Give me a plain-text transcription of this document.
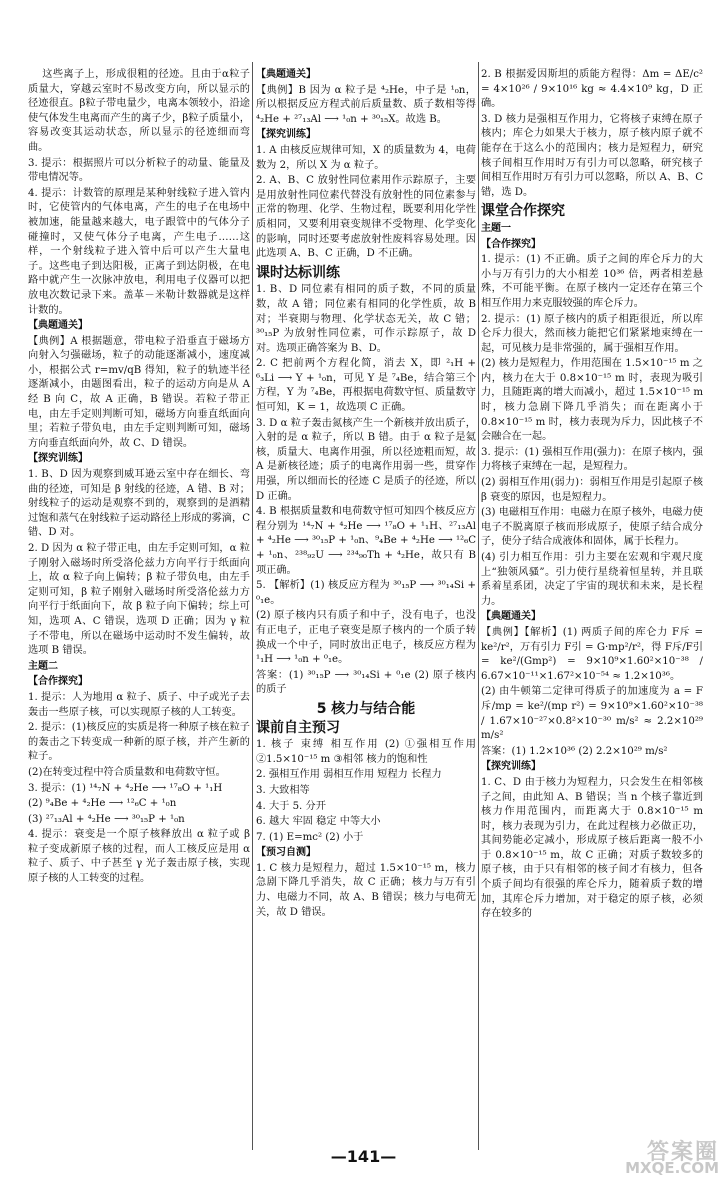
这些离子上，形成很粗的径迹。且由于α粒子质量大，穿越云室时不易改变方向，所以显示的径迹很直。β粒子带电量少，电离本领较小，沿途使气体发生电离而产生的离子少，β粒子质量小，容易改变其运动状态，所以显示的径迹细而弯曲。

3. 提示：根据照片可以分析粒子的动量、能量及带电情况等。

4. 提示：计数管的原理是某种射线粒子进入管内时，它使管内的气体电离，产生的电子在电场中被加速，能量越来越大，电子跟管中的气体分子碰撞时，又使气体分子电离，产生电子……这样，一个射线粒子进入管中后可以产生大量电子。这些电子到达阳极，正离子到达阴极，在电路中就产生一次脉冲放电，利用电子仪器可以把放电次数记录下来。盖革－米勒计数器就是这样计数的。

【典题通关】

【典例】A 根据题意，带电粒子沿垂直于磁场方向射入匀强磁场，粒子的动能逐渐减小，速度减小，根据公式 r=mv/qB 得知，粒子的轨迹半径逐渐减小，由题图看出，粒子的运动方向是从 A 经 B 向 C，故 A 正确，B 错误。若粒子带正电，由左手定则判断可知，磁场方向垂直纸面向里；若粒子带负电，由左手定则判断可知，磁场方向垂直纸面向外，故 C、D 错误。

【探究训练】

1. B、D 因为观察到威耳逊云室中存在细长、弯曲的径迹，可知是 β 射线的径迹，A 错、B 对；射线粒子的运动是观察不到的，观察到的是酒精过饱和蒸气在射线粒子运动路径上形成的雾滴，C 错、D 对。

2. D 因为 α 粒子带正电，由左手定则可知，α 粒子刚射入磁场时所受洛伦兹力方向平行于纸面向上，故 α 粒子向上偏转；β 粒子带负电，由左手定则可知，β 粒子刚射入磁场时所受洛伦兹力方向平行于纸面向下，故 β 粒子向下偏转；综上可知，选项 A、C 错误，选项 D 正确；因为 γ 粒子不带电，所以在磁场中运动时不发生偏转，故选项 B 错误。

主题二

【合作探究】

1. 提示：人为地用 α 粒子、质子、中子或光子去轰击一些原子核，可以实现原子核的人工转变。

2. 提示：(1)核反应的实质是将一种原子核在粒子的轰击之下转变成一种新的原子核，并产生新的粒子。

(2)在转变过程中符合质量数和电荷数守恒。

3. 提示：(1) ¹⁴₇N + ⁴₂He ⟶ ¹⁷₈O + ¹₁H

(2) ⁹₄Be + ⁴₂He ⟶ ¹²₆C + ¹₀n

(3) ²⁷₁₃Al + ⁴₂He ⟶ ³⁰₁₅P + ¹₀n

4. 提示：衰变是一个原子核释放出 α 粒子或 β 粒子变成新原子核的过程，而人工核反应是用 α 粒子、质子、中子甚至 γ 光子轰击原子核，实现原子核的人工转变的过程。

【典题通关】

【典例】B 因为 α 粒子是 ⁴₂He，中子是 ¹₀n，所以根据反应方程式前后质量数、质子数相等得 ⁴₂He + ²⁷₁₃Al ⟶ ¹₀n + ³⁰₁₅X。故选 B。

【探究训练】

1. A 由核反应规律可知，X 的质量数为 4，电荷数为 2，所以 X 为 α 粒子。

2. A、B、C 放射性同位素用作示踪原子，主要是用放射性同位素代替没有放射性的同位素参与正常的物理、化学、生物过程，既要利用化学性质相同，又要利用衰变规律不受物理、化学变化的影响，同时还要考虑放射性废料容易处理。因此选项 A、B、C 正确，D 不正确。

课时达标训练

1. B、D 同位素有相同的质子数，不同的质量数，故 A 错；同位素有相同的化学性质，故 B 对；半衰期与物理、化学状态无关，故 C 错；³⁰₁₅P 为放射性同位素，可作示踪原子，故 D 对。选项正确答案为 B、D。

2. C 把前两个方程化简，消去 X，即 ²₁H + ⁶₃Li ⟶ Y + ¹₀n，可见 Y 是 ⁷₄Be，结合第三个方程，Y 为 ⁷₄Be，再根据电荷数守恒、质量数守恒可知，K = 1，故选项 C 正确。

3. D α 粒子轰击氮核产生一个新核并放出质子，入射的是 α 粒子，所以 B 错。由于 α 粒子是氦核，质量大、电离作用强，所以径迹粗而短，故 A 是新核径迹；质子的电离作用弱一些，贯穿作用强，所以细而长的径迹 C 是质子的径迹，所以 D 正确。

4. B 根据质量数和电荷数守恒可知四个核反应方程分别为 ¹⁴₇N + ⁴₂He ⟶ ¹⁷₈O + ¹₁H、²⁷₁₃Al + ⁴₂He ⟶ ³⁰₁₅P + ¹₀n、⁹₄Be + ⁴₂He ⟶ ¹²₆C + ¹₀n、²³⁸₉₂U ⟶ ²³⁴₉₀Th + ⁴₂He，故只有 B 项正确。

5. 【解析】(1) 核反应方程为 ³⁰₁₅P ⟶ ³⁰₁₄Si + ⁰₁e。

(2) 原子核内只有质子和中子，没有电子，也没有正电子，正电子衰变是原子核内的一个质子转换成一个中子，同时放出正电子，核反应方程为 ¹₁H ⟶ ¹₀n + ⁰₁e。

答案：(1) ³⁰₁₅P ⟶ ³⁰₁₄Si + ⁰₁e (2) 原子核内的质子

5 核力与结合能

课前自主预习

1. 核子 束缚 相互作用 (2) ①强相互作用 ②1.5×10⁻¹⁵ m ③相邻 核力的饱和性

2. 强相互作用 弱相互作用 短程力 长程力

3. 大致相等

4. 大于 5. 分开

6. 越大 牢固 稳定 中等大小

7. (1) E=mc² (2) 小于

【预习自测】

1. C 核力是短程力，超过 1.5×10⁻¹⁵ m，核力急剧下降几乎消失，故 C 正确；核力与万有引力、电磁力不同，故 A、B 错误；核力与电荷无关，故 D 错误。

2. B 根据爱因斯坦的质能方程得：Δm = ΔE/c² = 4×10²⁶ / 9×10¹⁶ kg ≈ 4.4×10⁹ kg，D 正确。

3. D 核力是强相互作用力，它将核子束缚在原子核内；库仑力如果大于核力，原子核内原子就不能存在于这么小的范围内；核力是短程力，研究核子间相互作用时万有引力可以忽略，研究核子间相互作用时万有引力可以忽略，所以 A、B、C 错，选 D。

课堂合作探究

主题一

【合作探究】

1. 提示：(1) 不正确。质子之间的库仑斥力的大小与万有引力的大小相差 10³⁶ 倍，两者相差悬殊，不可能平衡。在原子核内一定还存在第三个相互作用力来克服较强的库仑斥力。

2. 提示：(1) 原子核内的质子相距很近，所以库仑斥力很大，然而核力能把它们紧紧地束缚在一起，可见核力是非常强的，属于强相互作用。

(2) 核力是短程力，作用范围在 1.5×10⁻¹⁵ m 之内，核力在大于 0.8×10⁻¹⁵ m 时，表现为吸引力，且随距离的增大而减小，超过 1.5×10⁻¹⁵ m 时，核力急剧下降几乎消失；而在距离小于 0.8×10⁻¹⁵ m 时，核力表现为斥力，因此核子不会融合在一起。

3. 提示：(1) 强相互作用(强力)：在原子核内，强力将核子束缚在一起，是短程力。

(2) 弱相互作用(弱力)：弱相互作用是引起原子核 β 衰变的原因，也是短程力。

(3) 电磁相互作用：电磁力在原子核外，电磁力使电子不脱离原子核而形成原子，使原子结合成分子，使分子结合成液体和固体，属于长程力。

(4) 引力相互作用：引力主要在宏观和宇观尺度上“独领风骚”。引力使行星绕着恒星转，并且联系着星系团，决定了宇宙的现状和未来，是长程力。

【典题通关】

【典例】【解析】(1) 两质子间的库仑力 F斥 = ke²/r²，万有引力 F引 = G·mp²/r²，得 F斥/F引 = ke²/(Gmp²) = 9×10⁹×1.60²×10⁻³⁸ / 6.67×10⁻¹¹×1.67²×10⁻⁵⁴ ≈ 1.2×10³⁶。

(2) 由牛顿第二定律可得质子的加速度为 a = F斥/mp = ke²/(mp r²) = 9×10⁹×1.60²×10⁻³⁸ / 1.67×10⁻²⁷×0.8²×10⁻³⁰ m/s² ≈ 2.2×10²⁹ m/s²

答案：(1) 1.2×10³⁶ (2) 2.2×10²⁹ m/s²

【探究训练】

1. C、D 由于核力为短程力，只会发生在相邻核子之间，由此知 A、B 错误；当 n 个核子靠近到核力作用范围内，而距离大于 0.8×10⁻¹⁵ m 时，核力表现为引力，在此过程核力必做正功，其间势能必定减小，形成原子核后距离一般不小于 0.8×10⁻¹⁵ m，故 C 正确；对质子数较多的原子核，由于只有相邻的核子间才有核力，但各个质子间均有很强的库仑斥力，随着质子数的增加，其库仑斥力增加，对于稳定的原子核，必须存在较多的

—141—	答案圈
MXQE.COM
